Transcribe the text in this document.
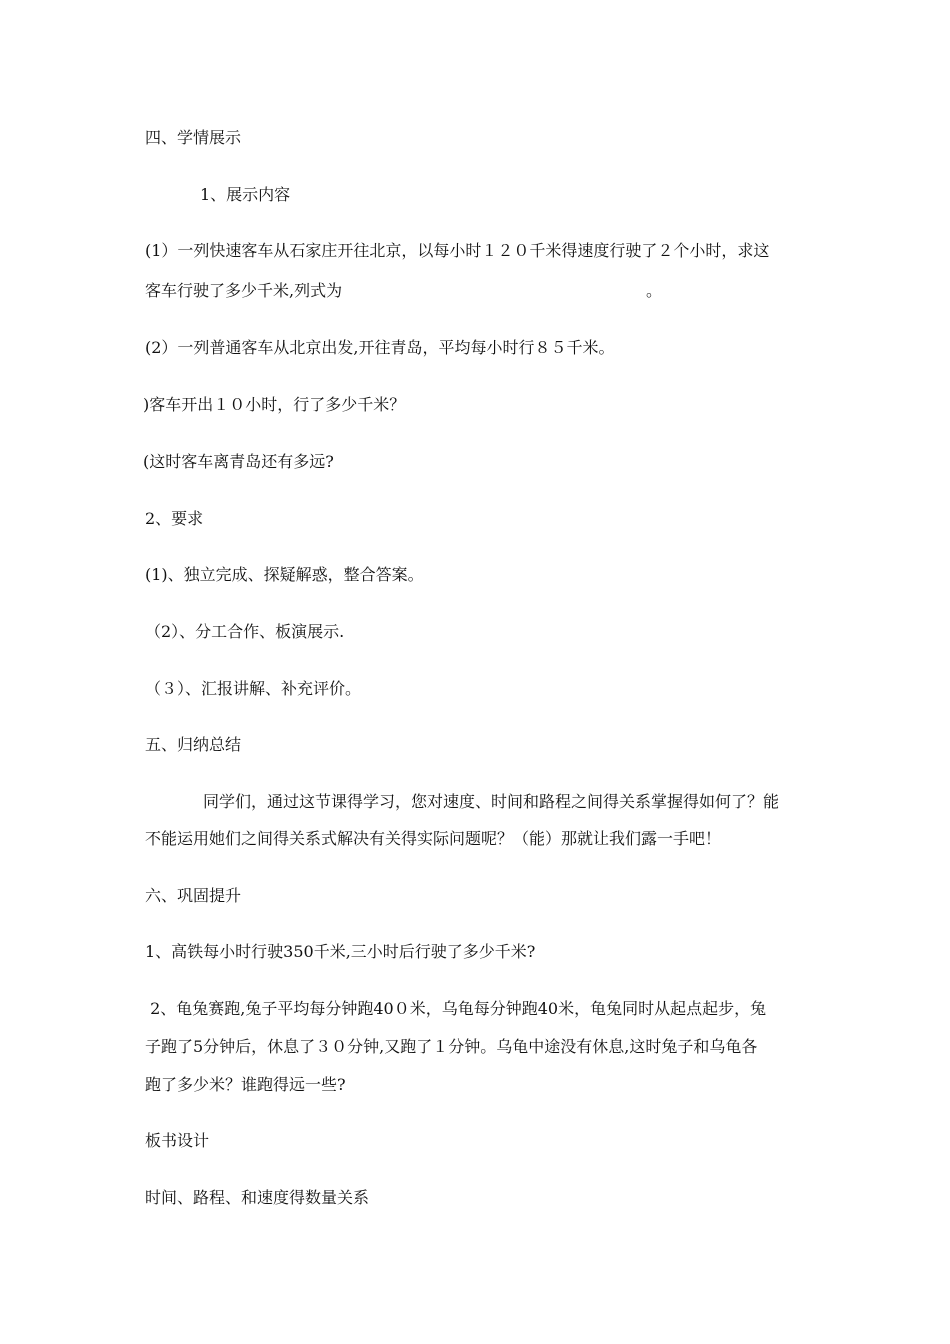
四、学情展示
1、展示内容
(1）一列快速客车从石家庄开往北京，以每小时１２０千米得速度行驶了２个小时，求这
客车行驶了多少千米,列式为	。
(2）一列普通客车从北京出发,开往青岛，平均每小时行８５千米。
)客车开出１０小时，行了多少千米？
(这时客车离青岛还有多远?
2、要求
(1)、独立完成、探疑解惑，整合答案。
（2）、分工合作、板演展示.
（３）、汇报讲解、补充评价。
五、归纳总结
同学们，通过这节课得学习，您对速度、时间和路程之间得关系掌握得如何了？能
不能运用她们之间得关系式解决有关得实际问题呢？（能）那就让我们露一手吧！
六、巩固提升
1、高铁每小时行驶350千米,三小时后行驶了多少千米?
2、龟兔赛跑,兔子平均每分钟跑40０米，乌龟每分钟跑40米，龟兔同时从起点起步，兔
子跑了5分钟后，休息了３０分钟,又跑了１分钟。乌龟中途没有休息,这时兔子和乌龟各
跑了多少米？谁跑得远一些?
板书设计
时间、路程、和速度得数量关系
